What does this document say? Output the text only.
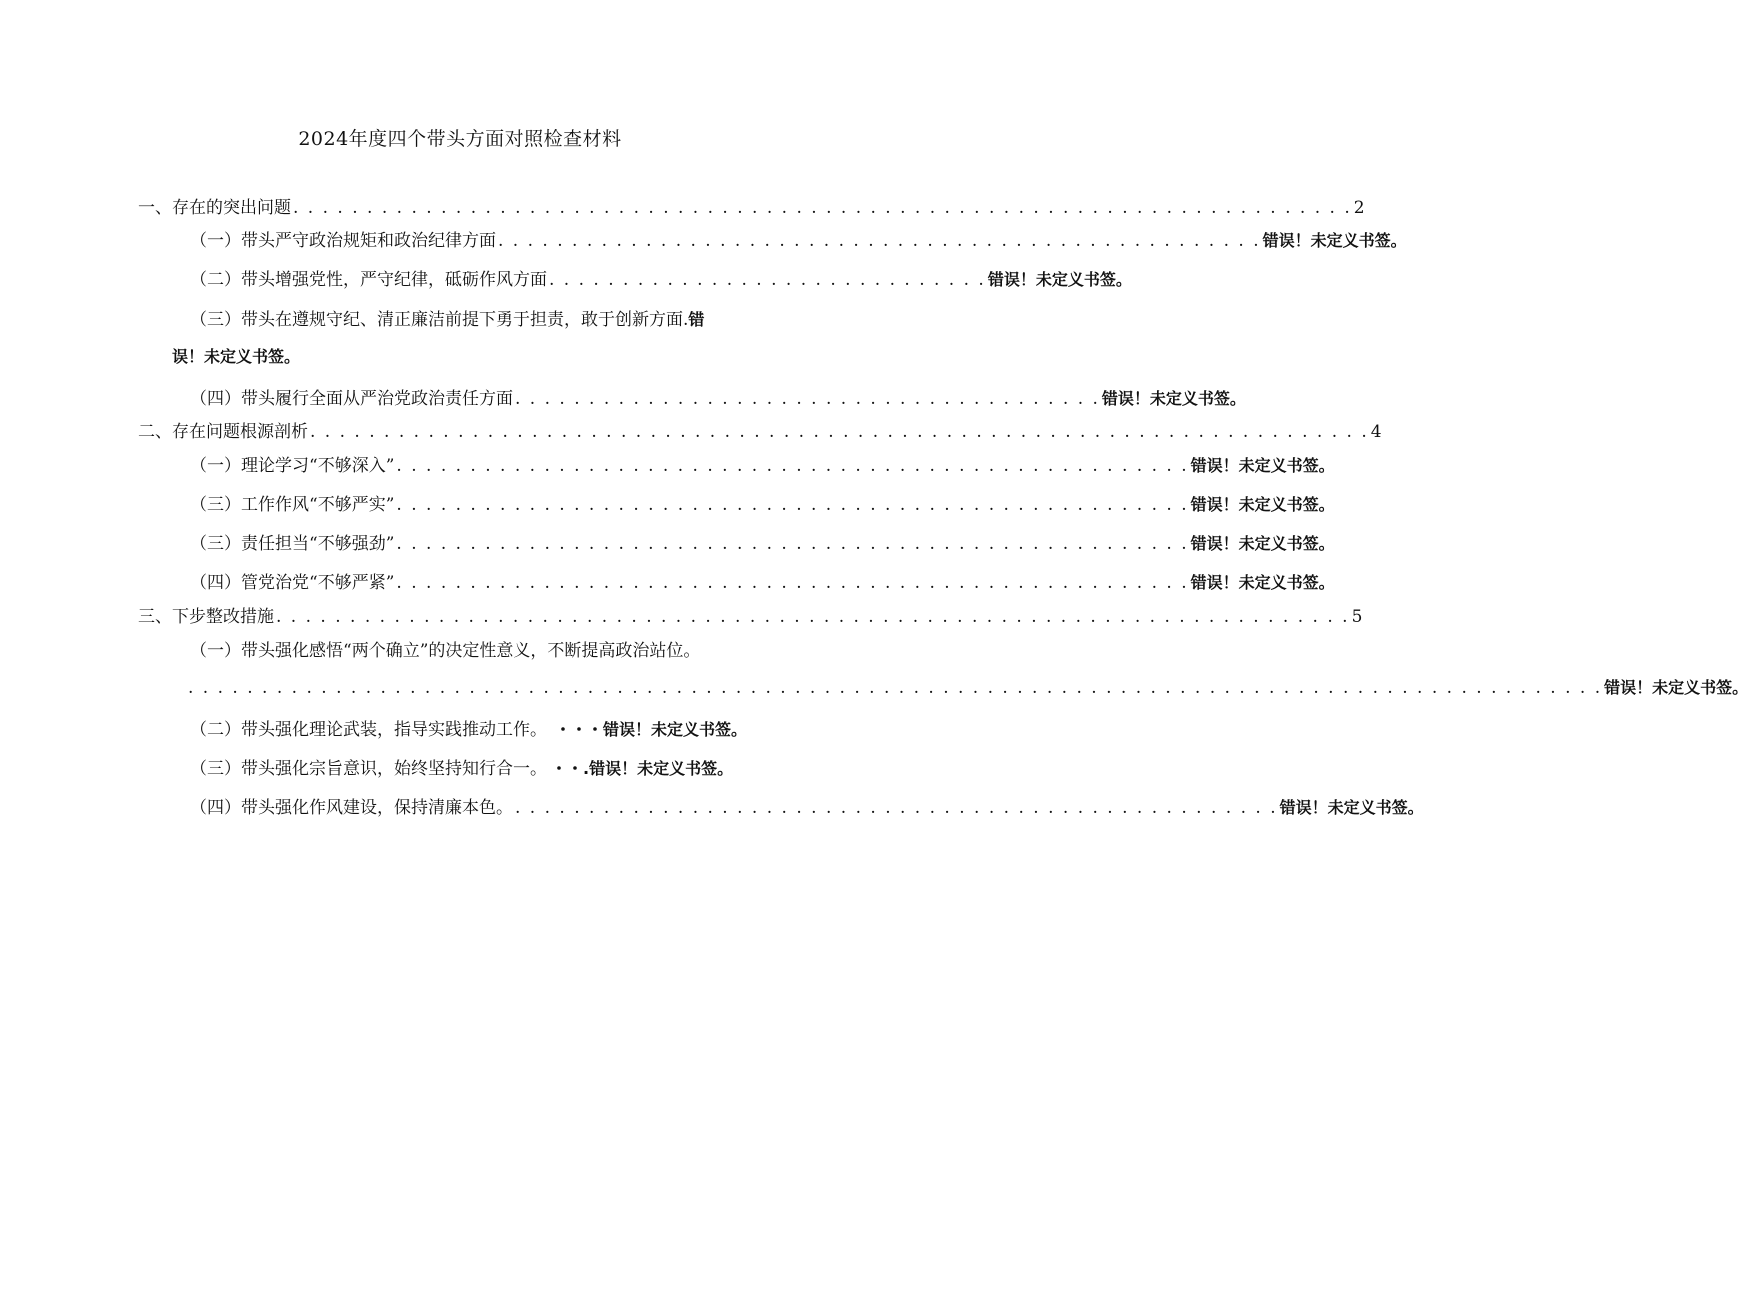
2024年度四个带头方面对照检查材料
一、存在的突出问题 . . . . . . . . . . . . . . . . . . . . . . . . . . . . . . . . . . . . . . . . . . . . . . . . . . . . . . . . . . . . . . . . . . . . . . . . 2
（一）带头严守政治规矩和政治纪律方面 . . . . . . . . . . . . . . . . . . . . . . . . . . . . . . . . . . . . . . . . . . . . . . . . . . . . 错误！未定义书签。
（二）带头增强党性，严守纪律，砥砺作风方面 . . . . . . . . . . . . . . . . . . . . . . . . . . . . . . 错误！未定义书签。
（三）带头在遵规守纪、清正廉洁前提下勇于担责，敢于创新方面. 错
误！未定义书签。
（四）带头履行全面从严治党政治责任方面 . . . . . . . . . . . . . . . . . . . . . . . . . . . . . . . . . . . . . . . . 错误！未定义书签。
二、存在问题根源剖析 . . . . . . . . . . . . . . . . . . . . . . . . . . . . . . . . . . . . . . . . . . . . . . . . . . . . . . . . . . . . . . . . . . . . . . . . 4
（一）理论学习“不够深入” . . . . . . . . . . . . . . . . . . . . . . . . . . . . . . . . . . . . . . . . . . . . . . . . . . . . . . 错误！未定义书签。
（三）工作作风“不够严实” . . . . . . . . . . . . . . . . . . . . . . . . . . . . . . . . . . . . . . . . . . . . . . . . . . . . . . 错误！未定义书签。
（三）责任担当“不够强劲” . . . . . . . . . . . . . . . . . . . . . . . . . . . . . . . . . . . . . . . . . . . . . . . . . . . . . . 错误！未定义书签。
（四）管党治党“不够严紧” . . . . . . . . . . . . . . . . . . . . . . . . . . . . . . . . . . . . . . . . . . . . . . . . . . . . . . 错误！未定义书签。
三、下步整改措施 . . . . . . . . . . . . . . . . . . . . . . . . . . . . . . . . . . . . . . . . . . . . . . . . . . . . . . . . . . . . . . . . . . . . . . . . . 5
（一）带头强化感悟“两个确立”的决定性意义，不断提高政治站位。
. . . . . . . . . . . . . . . . . . . . . . . . . . . . . . . . . . . . . . . . . . . . . . . . . . . . . . . . . . . . . . . . . . . . . . . . . . . . . . . . . . . . . . . . . . . . . . . . 错误！未定义书签。
（二）带头强化理论武装，指导实践推动工作。 ・・・ 错误！未定义书签。
（三）带头强化宗旨意识，始终坚持知行合一。 ・・. 错误！未定义书签。
（四）带头强化作风建设，保持清廉本色。 . . . . . . . . . . . . . . . . . . . . . . . . . . . . . . . . . . . . . . . . . . . . . . . . . . . . 错误！未定义书签。
